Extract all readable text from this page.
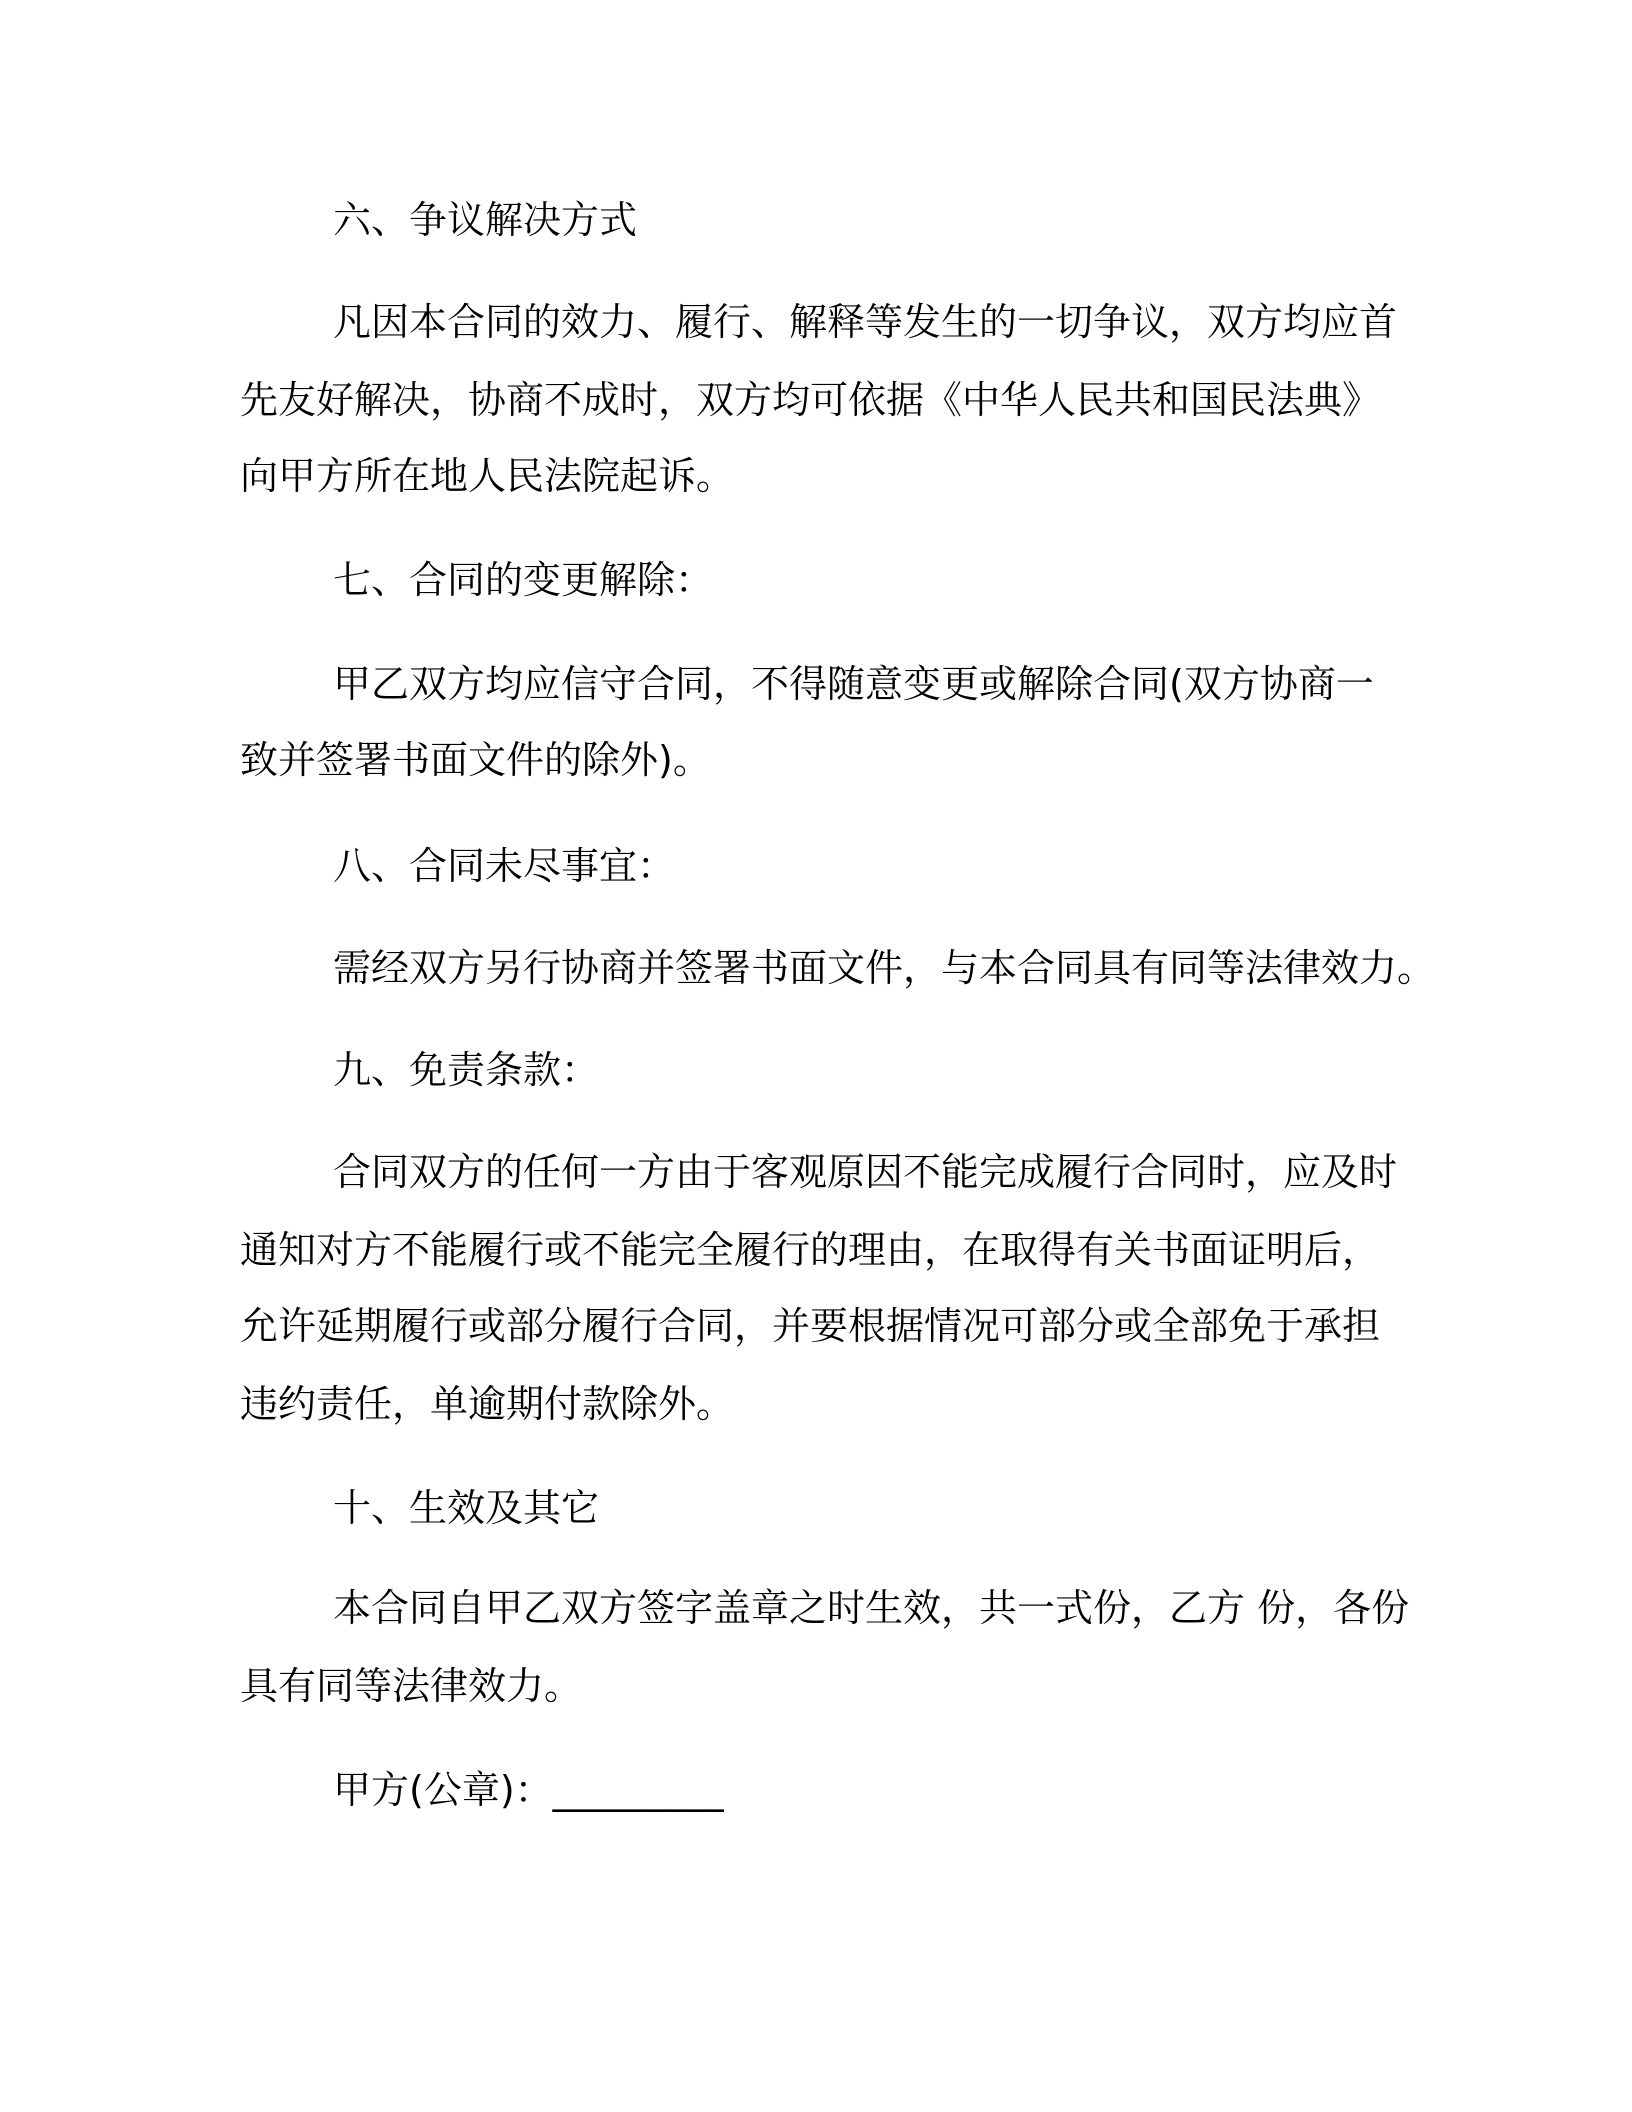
六、争议解决方式
凡因本合同的效力、履行、解释等发生的一切争议，双方均应首
先友好解决，协商不成时，双方均可依据《中华人民共和国民法典》
向甲方所在地人民法院起诉。
七、合同的变更解除：
甲乙双方均应信守合同，不得随意变更或解除合同(双方协商一
致并签署书面文件的除外)。
八、合同未尽事宜：
需经双方另行协商并签署书面文件，与本合同具有同等法律效力。
九、免责条款：
合同双方的任何一方由于客观原因不能完成履行合同时，应及时
通知对方不能履行或不能完全履行的理由，在取得有关书面证明后，
允许延期履行或部分履行合同，并要根据情况可部分或全部免于承担
违约责任，单逾期付款除外。
十、生效及其它
本合同自甲乙双方签字盖章之时生效，共一式份，乙方 份，各份
具有同等法律效力。
甲方(公章)：_________
